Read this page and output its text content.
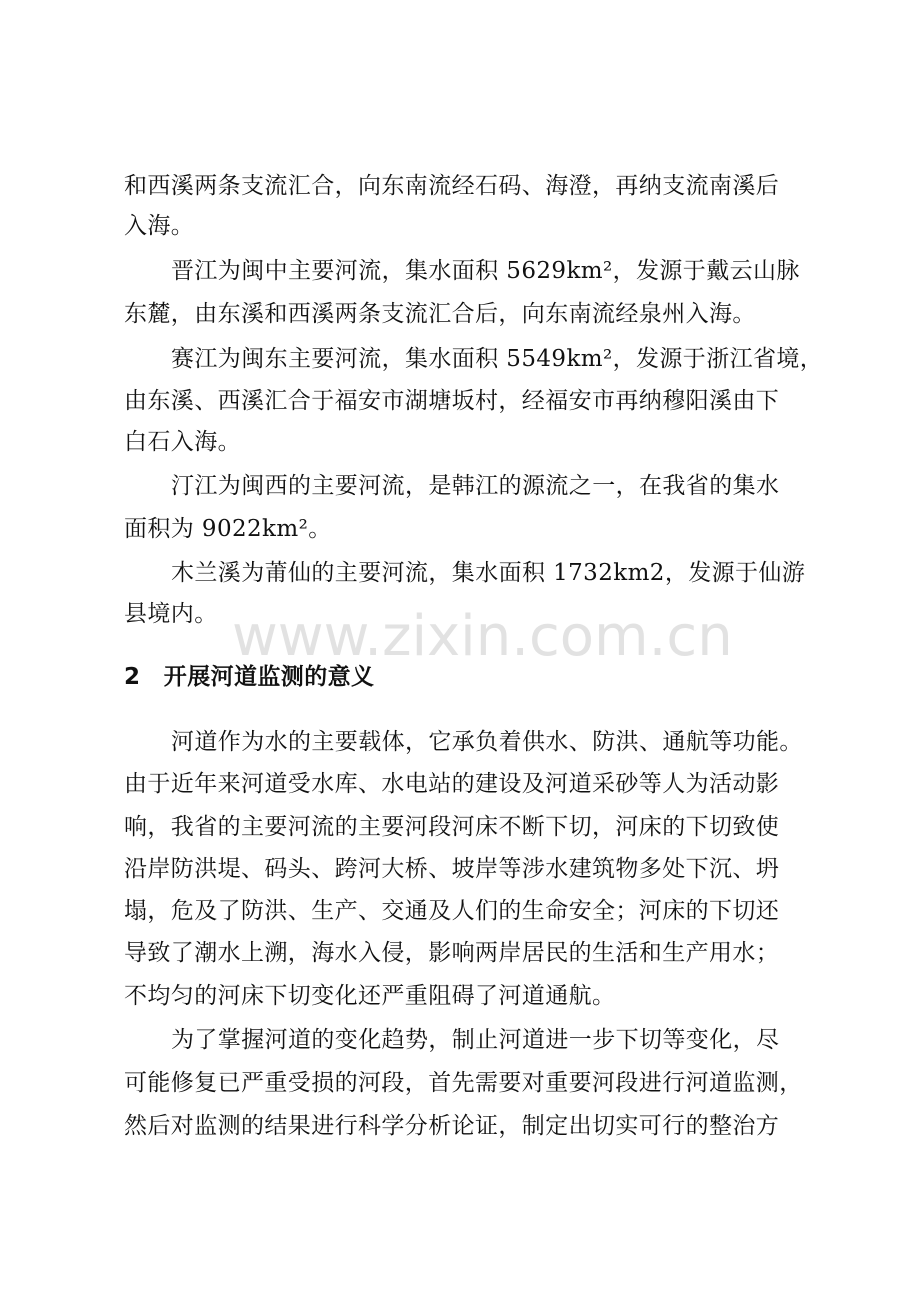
和西溪两条支流汇合，向东南流经石码、海澄，再纳支流南溪后
入海。
晋江为闽中主要河流，集水面积 5629km²，发源于戴云山脉
东麓，由东溪和西溪两条支流汇合后，向东南流经泉州入海。
赛江为闽东主要河流，集水面积 5549km²，发源于浙江省境，
由东溪、西溪汇合于福安市湖塘坂村，经福安市再纳穆阳溪由下
白石入海。
汀江为闽西的主要河流，是韩江的源流之一，在我省的集水
面积为 9022km²。
木兰溪为莆仙的主要河流，集水面积 1732km2，发源于仙游
县境内。 www.zixin.com.cn
2　开展河道监测的意义
河道作为水的主要载体，它承负着供水、防洪、通航等功能。
由于近年来河道受水库、水电站的建设及河道采砂等人为活动影
响，我省的主要河流的主要河段河床不断下切，河床的下切致使
沿岸防洪堤、码头、跨河大桥、坡岸等涉水建筑物多处下沉、坍
塌，危及了防洪、生产、交通及人们的生命安全；河床的下切还
导致了潮水上溯，海水入侵，影响两岸居民的生活和生产用水；
不均匀的河床下切变化还严重阻碍了河道通航。
为了掌握河道的变化趋势，制止河道进一步下切等变化，尽
可能修复已严重受损的河段，首先需要对重要河段进行河道监测，
然后对监测的结果进行科学分析论证，制定出切实可行的整治方
